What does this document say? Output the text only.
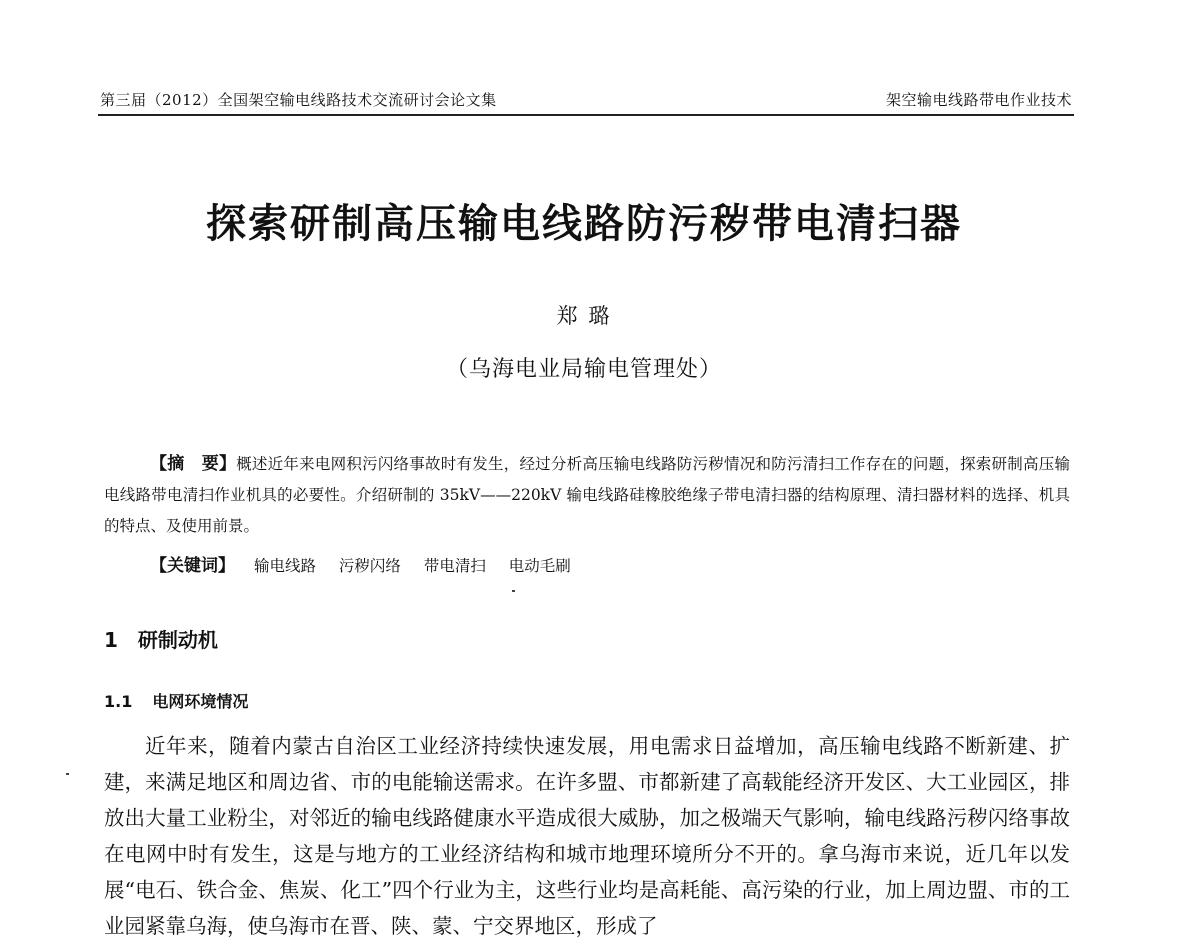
第三届（2012）全国架空输电线路技术交流研讨会论文集	架空输电线路带电作业技术
探索研制高压输电线路防污秽带电清扫器
郑 璐
（乌海电业局输电管理处）
【摘　要】概述近年来电网积污闪络事故时有发生，经过分析高压输电线路防污秽情况和防污清扫工作存在的问题，探索研制高压输电线路带电清扫作业机具的必要性。介绍研制的 35kV——220kV 输电线路硅橡胶绝缘子带电清扫器的结构原理、清扫器材料的选择、机具的特点、及使用前景。
【关键词】 输电线路 污秽闪络 带电清扫 电动毛刷
1 研制动机
1.1 电网环境情况

近年来，随着内蒙古自治区工业经济持续快速发展，用电需求日益增加，高压输电线路不断新建、扩建，来满足地区和周边省、市的电能输送需求。在许多盟、市都新建了高载能经济开发区、大工业园区，排放出大量工业粉尘，对邻近的输电线路健康水平造成很大威胁，加之极端天气影响，输电线路污秽闪络事故在电网中时有发生，这是与地方的工业经济结构和城市地理环境所分不开的。拿乌海市来说，近几年以发展“电石、铁合金、焦炭、化工”四个行业为主，这些行业均是高耗能、高污染的行业，加上周边盟、市的工业园紧靠乌海，使乌海市在晋、陕、蒙、宁交界地区，形成了
